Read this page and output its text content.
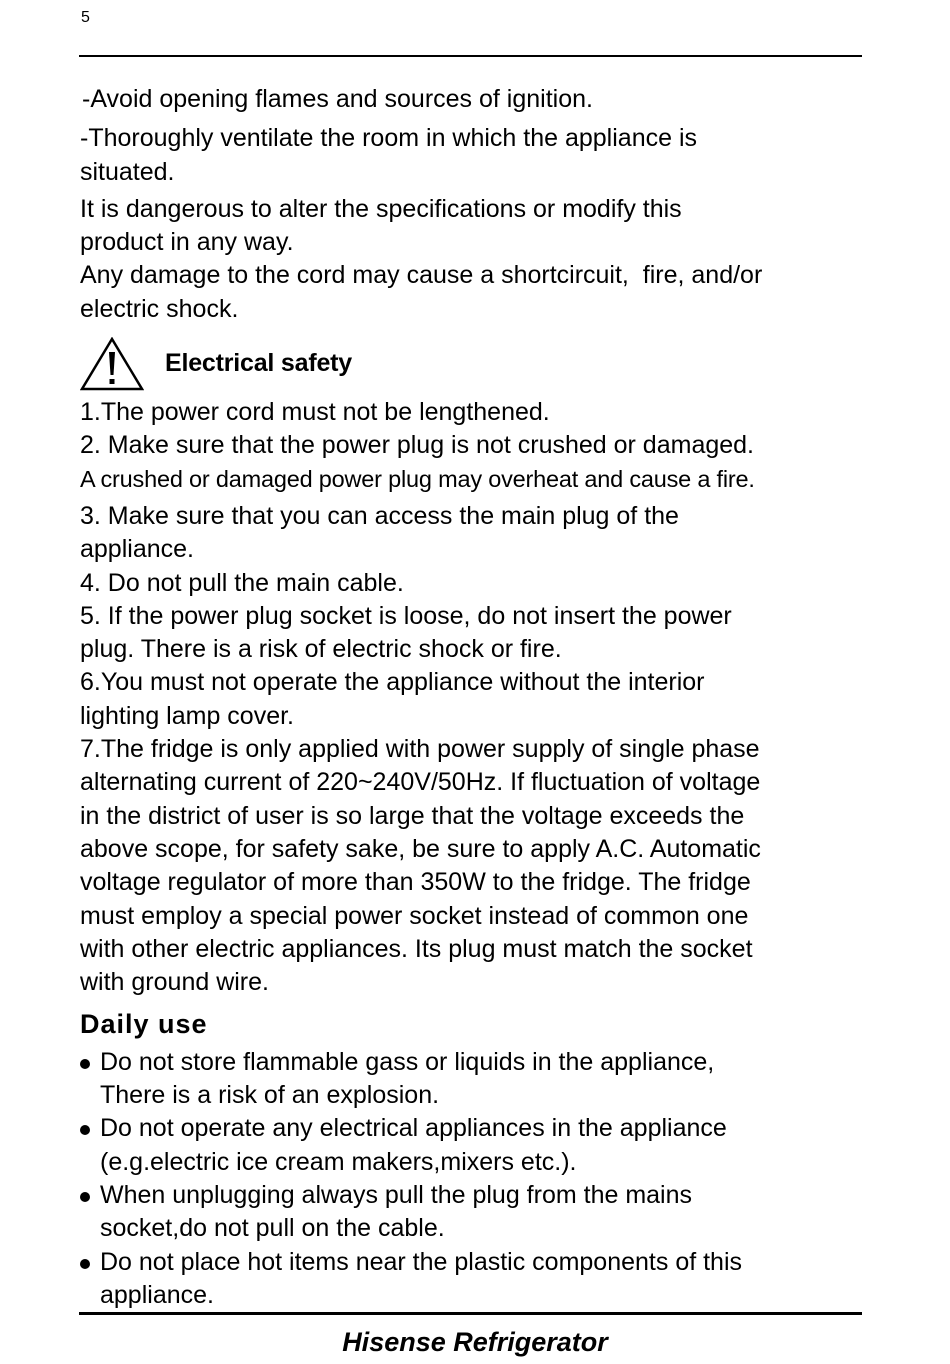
5

-Avoid opening flames and sources of ignition.

-Thoroughly ventilate the room in which the appliance is
situated.

It is dangerous to alter the specifications or modify this
product in any way.
Any damage to the cord may cause a shortcircuit,  fire, and/or
electric shock.

Electrical safety

1.The power cord must not be lengthened.

2. Make sure that the power plug is not crushed or damaged.

A crushed or damaged power plug may overheat and cause a fire.

3. Make sure that you can access the main plug of the
appliance.

4. Do not pull the main cable.

5. If the power plug socket is loose, do not insert the power
plug. There is a risk of electric shock or fire.

6.You must not operate the appliance without the interior
lighting lamp cover.

7.The fridge is only applied with power supply of single phase
alternating current of 220~240V/50Hz. If fluctuation of voltage
in the district of user is so large that the voltage exceeds the
above scope, for safety sake, be sure to apply A.C. Automatic
voltage regulator of more than 350W to the fridge. The fridge
must employ a special power socket instead of common one
with other electric appliances. Its plug must match the socket
with ground wire.

Daily use
Do not store flammable gass or liquids in the appliance,
There is a risk of an explosion.
Do not operate any electrical appliances in the appliance
(e.g.electric ice cream makers,mixers etc.).
When unplugging always pull the plug from the mains
socket,do not pull on the cable.
Do not place hot items near the plastic components of this
appliance.
Hisense Refrigerator
